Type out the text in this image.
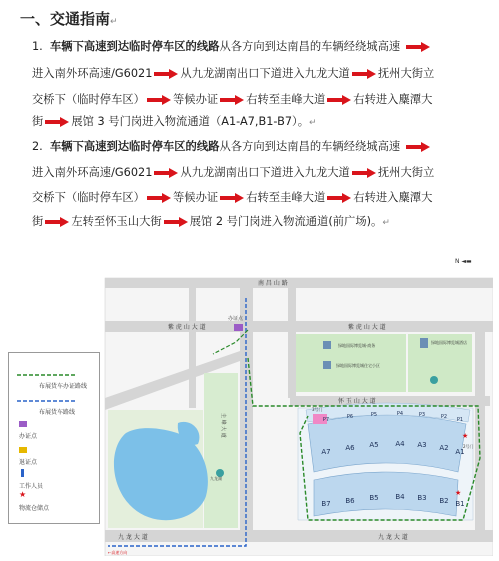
一、交通指南↵
1. 车辆下高速到达临时停车区的线路从各方向到达南昌的车辆经绕城高速
进入南外环高速/G6021 从九龙湖南出口下道进入九龙大道 抚州大街立
交桥下（临时停车区） 等候办证 右转至圭峰大道 右转进入麋潭大
街 展馆 3 号门岗进入物流通道（A1-A7,B1-B7）。↵
2. 车辆下高速到达临时停车区的线路从各方向到达南昌的车辆经绕城高速
进入南外环高速/G6021 从九龙湖南出口下道进入九龙大道 抚州大街立
交桥下（临时停车区） 等候办证 右转至圭峰大道 右转进入麋潭大
街 左转至怀玉山大街 展馆 2 号门岗进入物流通道(前广场)。↵
N ◄▬
A7 A6 A5 A4 A3 A2 A1
B7 B6 B5 B4 B3 B2 B1
P7	P6	P5	P4	P3	P2 P1
★
★
南 昌 山 路
紫 虎 山 大 道	紫 虎 山 大 道
怀 玉 山 大 道
九 龙 大 道	九 龙 大 道
圭 峰 大 道
办证点
绿地国际博览城·商务
绿地国际博览城住宅小区
绿地国际博览城酒店
3号门
2号门
九龙湖
←高速方向
★
布展货车办证路线
布展货车路线
办证点
退证点
工作人员
物流仓储点
